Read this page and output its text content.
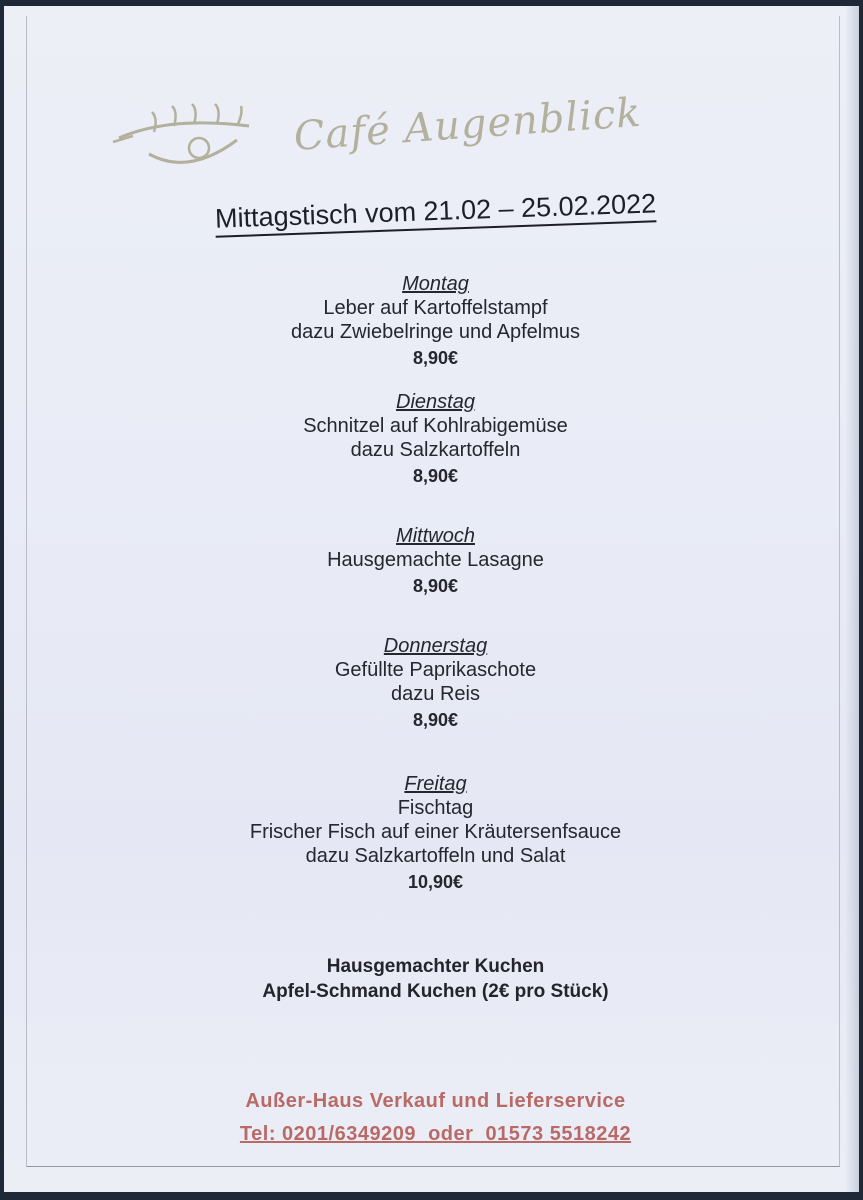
Café Augenblick
Mittagstisch vom 21.02 – 25.02.2022
Montag
Leber auf Kartoffelstampf
dazu Zwiebelringe und Apfelmus
8,90€
Dienstag
Schnitzel auf Kohlrabigemüse
dazu Salzkartoffeln
8,90€
Mittwoch
Hausgemachte Lasagne
8,90€
Donnerstag
Gefüllte Paprikaschote
dazu Reis
8,90€
Freitag
Fischtag
Frischer Fisch auf einer Kräutersenfsauce
dazu Salzkartoffeln und Salat
10,90€
Hausgemachter Kuchen
Apfel-Schmand Kuchen (2€ pro Stück)
Außer-Haus Verkauf und Lieferservice
Tel: 0201/6349209  oder  01573 5518242
